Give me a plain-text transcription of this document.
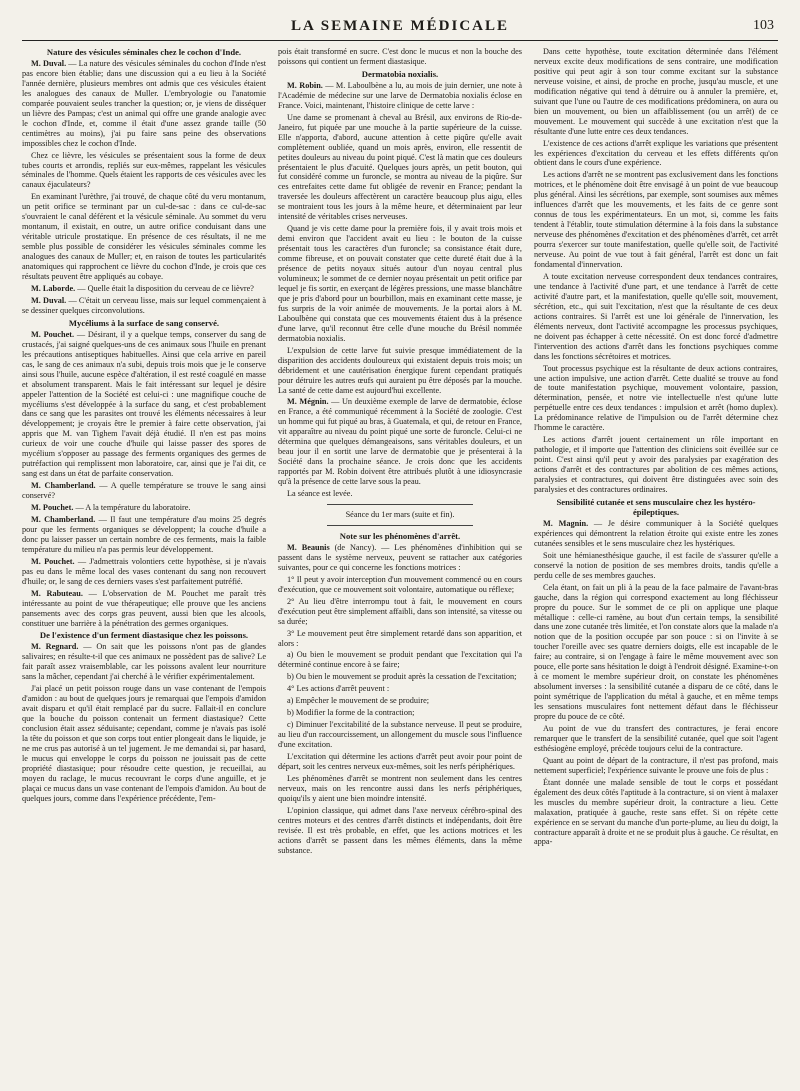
LA SEMAINE MÉDICALE	103

Nature des vésicules séminales chez le cochon d'Inde.

M. Duval. — La nature des vésicules séminales du cochon d'Inde n'est pas encore bien établie; dans une discussion qui a eu lieu à la Société l'année dernière, plusieurs membres ont admis que ces vésicules étaient les analogues des canaux de Muller. L'embryologie ou l'anatomie comparée pouvaient seules trancher la question; or, je viens de disséquer un lièvre des Pampas; c'est un animal qui offre une grande analogie avec le cochon d'Inde, et, comme il était d'une assez grande taille (50 centimètres au moins), j'ai pu faire sans peine des observations impossibles chez le cochon d'Inde.

Chez ce lièvre, les vésicules se présentaient sous la forme de deux tubes courts et arrondis, repliés sur eux-mêmes, rappelant les vésicules séminales de l'homme. Quels étaient les rapports de ces vésicules avec les canaux éjaculateurs?

En examinant l'urèthre, j'ai trouvé, de chaque côté du veru montanum, un petit orifice se terminant par un cul-de-sac : dans ce cul-de-sac s'ouvraient le canal déférent et la vésicule séminale. Au sommet du veru montanum, il existait, en outre, un autre orifice conduisant dans une véritable utricule prostatique. En présence de ces résultats, il ne me semble plus possible de considérer les vésicules séminales comme les analogues des canaux de Muller; et, en raison de toutes les particularités anatomiques qui rapprochent ce lièvre du cochon d'Inde, je crois que ces résultats peuvent être appliqués au cobaye.

M. Laborde. — Quelle était la disposition du cerveau de ce lièvre?

M. Duval. — C'était un cerveau lisse, mais sur lequel commençaient à se dessiner quelques circonvolutions.

Mycéliums à la surface de sang conservé.

M. Pouchet. — Désirant, il y a quelque temps, conserver du sang de crustacés, j'ai saigné quelques-uns de ces animaux sous l'huile en prenant les précautions antiseptiques habituelles. Ainsi que cela arrive en pareil cas, le sang de ces animaux n'a subi, depuis trois mois que je le conserve ainsi sous l'huile, aucune espèce d'altération, il est resté coagulé en masse et absolument transparent. Mais le fait intéressant sur lequel je désire appeler l'attention de la Société est celui-ci : une magnifique couche de mycéliums s'est développée à la surface du sang, et c'est probablement dans ce sang que les parasites ont trouvé les éléments nécessaires à leur développement; je croyais être le premier à faire cette observation, j'ai appris que M. van Tighem l'avait déjà étudié. Il n'en est pas moins curieux de voir une couche d'huile qui laisse passer des spores de mycélium s'opposer au passage des ferments organiques des germes de putréfaction qui remplissent mon laboratoire, car, ainsi que je l'ai dit, ce sang est dans un état de parfaite conservation.

M. Chamberland. — A quelle température se trouve le sang ainsi conservé?

M. Pouchet. — A la température du laboratoire.

M. Chamberland. — Il faut une température d'au moins 25 degrés pour que les ferments organiques se développent; la couche d'huile a donc pu laisser passer un certain nombre de ces ferments, mais la faible température du milieu n'a pas permis leur développement.

M. Pouchet. — J'admettrais volontiers cette hypothèse, si je n'avais pas eu dans le même local des vases contenant du sang non recouvert d'huile; or, le sang de ces derniers vases s'est parfaitement putréfié.

M. Rabuteau. — L'observation de M. Pouchet me paraît très intéressante au point de vue thérapeutique; elle prouve que les anciens pansements avec des corps gras peuvent, aussi bien que les alcools, constituer une barrière à la pénétration des germes organiques.

De l'existence d'un ferment diastasique chez les poissons.

M. Regnard. — On sait que les poissons n'ont pas de glandes salivaires; en résulte-t-il que ces animaux ne possèdent pas de salive? Le fait paraît assez vraisemblable, car les poissons avalent leur nourriture sans la mâcher, cependant j'ai cherché à le vérifier expérimentalement.

J'ai placé un petit poisson rouge dans un vase contenant de l'empois d'amidon : au bout de quelques jours je remarquai que l'empois d'amidon avait disparu et qu'il était remplacé par du sucre. Fallait-il en conclure que la bouche du poisson contenait un ferment diastasique? Cette conclusion était assez séduisante; cependant, comme je n'avais pas isolé la tête du poisson et que son corps tout entier plongeait dans le liquide, je ne me crus pas autorisé à un tel jugement. Je me demandai si, par hasard, le mucus qui enveloppe le corps du poisson ne jouissait pas de cette propriété diastasique; pour résoudre cette question, je recueillai, au moyen du raclage, le mucus recouvrant le corps d'une anguille, et je plaçai ce mucus dans un vase contenant de l'empois d'amidon. Au bout de quelques jours, comme dans l'expérience précédente, l'em-

pois était transformé en sucre. C'est donc le mucus et non la bouche des poissons qui contient un ferment diastasique.

Dermatobia noxialis.

M. Robin. — M. Laboulbène a lu, au mois de juin dernier, une note à l'Académie de médecine sur une larve de Dermatobia noxialis éclose en France. Voici, maintenant, l'histoire clinique de cette larve :

Une dame se promenant à cheval au Brésil, aux environs de Rio-de-Janeiro, fut piquée par une mouche à la partie supérieure de la cuisse. Elle n'apporta, d'abord, aucune attention à cette piqûre qu'elle avait complètement oubliée, quand un mois après, environ, elle ressentit de petites douleurs au niveau du point piqué. C'est là matin que ces douleurs présentaient le plus d'acuité. Quelques jours après, un petit bouton, qui fut considéré comme un furoncle, se montra au niveau de la piqûre. Sur ces entrefaites cette dame fut obligée de revenir en France; pendant la traversée les douleurs affectèrent un caractère beaucoup plus aigu, elles se montraient tous les jours à la même heure, et déterminaient par leur intensité de véritables crises nerveuses.

Quand je vis cette dame pour la première fois, il y avait trois mois et demi environ que l'accident avait eu lieu : le bouton de la cuisse présentait tous les caractères d'un furoncle; sa consistance était dure, comme fibreuse, et on pouvait constater que cette dureté était due à la présence de petits noyaux situés autour d'un noyau central plus volumineux; le sommet de ce dernier noyau présentait un petit orifice par lequel je fis sortir, en exerçant de légères pressions, une masse blanchâtre que je pris d'abord pour un bourbillon, mais en examinant cette masse, je fus surpris de la voir animée de mouvements. Je la portai alors à M. Laboulbène qui constata que ces mouvements étaient dus à la présence d'une larve, qu'il reconnut être celle d'une mouche du Brésil nommée dermatobia noxialis.

L'expulsion de cette larve fut suivie presque immédiatement de la disparition des accidents douloureux qui existaient depuis trois mois; un débridement et une cautérisation énergique furent cependant pratiqués pour détruire les autres œufs qui auraient pu être déposés par la mouche. La santé de cette dame est aujourd'hui excellente.

M. Mégnin. — Un deuxième exemple de larve de dermatobie, éclose en France, a été communiqué récemment à la Société de zoologie. C'est un homme qui fut piqué au bras, à Guatemala, et qui, de retour en France, vit apparaître au niveau du point piqué une sorte de furoncle. Celui-ci ne détermina que quelques démangeaisons, sans véritables douleurs, et un beau jour il en sortit une larve de dermatobie que je présenterai à la Société dans la prochaine séance. Je crois donc que les accidents rapportés par M. Robin doivent être attribués plutôt à une idiosyncrasie qu'à la présence de cette larve sous la peau.

La séance est levée.

Séance du 1er mars (suite et fin).

Note sur les phénomènes d'arrêt.

M. Beaunis (de Nancy). — Les phénomènes d'inhibition qui se passent dans le système nerveux, peuvent se rattacher aux catégories suivantes, pour ce qui concerne les fonctions motrices :

1° Il peut y avoir interception d'un mouvement commencé ou en cours d'exécution, que ce mouvement soit volontaire, automatique ou réflexe;

2° Au lieu d'être interrompu tout à fait, le mouvement en cours d'exécution peut être simplement affaibli, dans son intensité, sa vitesse ou sa durée;

3° Le mouvement peut être simplement retardé dans son apparition, et alors :

a) Ou bien le mouvement se produit pendant que l'excitation qui l'a déterminé continue encore à se faire;

b) Ou bien le mouvement se produit après la cessation de l'excitation;

4° Les actions d'arrêt peuvent :

a) Empêcher le mouvement de se produire;

b) Modifier la forme de la contraction;

c) Diminuer l'excitabilité de la substance nerveuse. Il peut se produire, au lieu d'un raccourcissement, un allongement du muscle sous l'influence d'une excitation.

L'excitation qui détermine les actions d'arrêt peut avoir pour point de départ, soit les centres nerveux eux-mêmes, soit les nerfs périphériques.

Les phénomènes d'arrêt se montrent non seulement dans les centres nerveux, mais on les rencontre aussi dans les nerfs périphériques, quoiqu'ils y aient une bien moindre intensité.

L'opinion classique, qui admet dans l'axe nerveux cérébro-spinal des centres moteurs et des centres d'arrêt distincts et indépendants, doit être revisée. Il est très probable, en effet, que les actions motrices et les actions d'arrêt se passent dans les mêmes éléments, dans la même substance.

Dans cette hypothèse, toute excitation déterminée dans l'élément nerveux excite deux modifications de sens contraire, une modification positive qui peut agir à son tour comme excitant sur la substance nerveuse voisine, et ainsi, de proche en proche, jusqu'au muscle, et une modification négative qui tend à détruire ou à annuler la première, et, suivant que l'une ou l'autre de ces modifications prédominera, on aura ou bien un mouvement, ou bien un affaiblissement (ou un arrêt) de ce mouvement. Le mouvement qui succède à une excitation n'est que la résultante d'une lutte entre ces deux tendances.

L'existence de ces actions d'arrêt explique les variations que présentent les expériences d'excitation du cerveau et les effets différents qu'on obtient dans le cours d'une expérience.

Les actions d'arrêt ne se montrent pas exclusivement dans les fonctions motrices, et le phénomène doit être envisagé à un point de vue beaucoup plus général. Ainsi les sécrétions, par exemple, sont soumises aux mêmes influences d'arrêt que les mouvements, et les faits de ce genre sont connus de tous les expérimentateurs. En un mot, si, comme les faits tendent à l'établir, toute stimulation détermine à la fois dans la substance nerveuse des phénomènes d'excitation et des phénomènes d'arrêt, cet arrêt pourra s'exercer sur toute manifestation, quelle qu'elle soit, de l'activité nerveuse. Au point de vue tout à fait général, l'arrêt est donc un fait fondamental d'innervation.

A toute excitation nerveuse correspondent deux tendances contraires, une tendance à l'activité d'une part, et une tendance à l'arrêt de cette activité d'autre part, et la manifestation, quelle qu'elle soit, mouvement, sécrétion, etc., qui suit l'excitation, n'est que la résultante de ces deux actions contraires. Si l'arrêt est une loi générale de l'innervation, les éléments nerveux, dont l'activité accompagne les processus psychiques, ne doivent pas échapper à cette nécessité. On est donc forcé d'admettre l'intervention des actions d'arrêt dans les fonctions psychiques comme dans les fonctions sécrétoires et motrices.

Tout processus psychique est la résultante de deux actions contraires, une action impulsive, une action d'arrêt. Cette dualité se trouve au fond de toute manifestation psychique, mouvement volontaire, passion, détermination, pensée, et notre vie intellectuelle n'est qu'une lutte perpétuelle entre ces deux tendances : impulsion et arrêt (homo duplex). La prédominance relative de l'impulsion ou de l'arrêt détermine chez l'homme le caractère.

Les actions d'arrêt jouent certainement un rôle important en pathologie, et il importe que l'attention des cliniciens soit éveillée sur ce point. C'est ainsi qu'il peut y avoir des paralysies par exagération des actions d'arrêt et des contractures par abolition de ces mêmes actions, paralysies et contractures, qui doivent être distinguées avec soin des paralysies et des contractures ordinaires.

Sensibilité cutanée et sens musculaire chez les hystéro-épileptiques.

M. Magnin. — Je désire communiquer à la Société quelques expériences qui démontrent la relation étroite qui existe entre les zones cutanées sensibles et le sens musculaire chez les hystériques.

Soit une hémianesthésique gauche, il est facile de s'assurer qu'elle a conservé la notion de position de ses membres droits, tandis qu'elle a perdu celle de ses membres gauches.

Cela étant, on fait un pli à la peau de la face palmaire de l'avant-bras gauche, dans la région qui correspond exactement au long fléchisseur propre du pouce. Sur le sommet de ce pli on applique une plaque métallique : celle-ci ramène, au bout d'un certain temps, la sensibilité dans une zone cutanée très limitée, et l'on constate alors que la malade n'a notion que de la position occupée par son pouce : si on l'invite à se toucher l'oreille avec ses quatre derniers doigts, elle est incapable de le faire; au contraire, si on l'engage à faire le même mouvement avec son pouce, elle porte sans hésitation le doigt à l'endroit désigné. Examine-t-on à ce moment le membre supérieur droit, on constate les phénomènes absolument inverses : la sensibilité cutanée a disparu de ce côté, dans le point symétrique de l'application du métal à gauche, et en même temps les sensations musculaires font nettement défaut dans le fléchisseur propre du pouce de ce côté.

Au point de vue du transfert des contractures, je ferai encore remarquer que le transfert de la sensibilité cutanée, quel que soit l'agent esthésiogène employé, précède toujours celui de la contracture.

Quant au point de départ de la contracture, il n'est pas profond, mais nettement superficiel; l'expérience suivante le prouve une fois de plus :

Étant donnée une malade sensible de tout le corps et possédant également des deux côtés l'aptitude à la contracture, si on vient à malaxer les muscles du membre supérieur droit, la contracture a lieu. Cette malaxation, pratiquée à gauche, reste sans effet. Si on répète cette expérience en se servant du manche d'un porte-plume, au lieu du doigt, la contracture apparaît à droite et ne se produit plus à gauche. Ce résultat, en appa-
